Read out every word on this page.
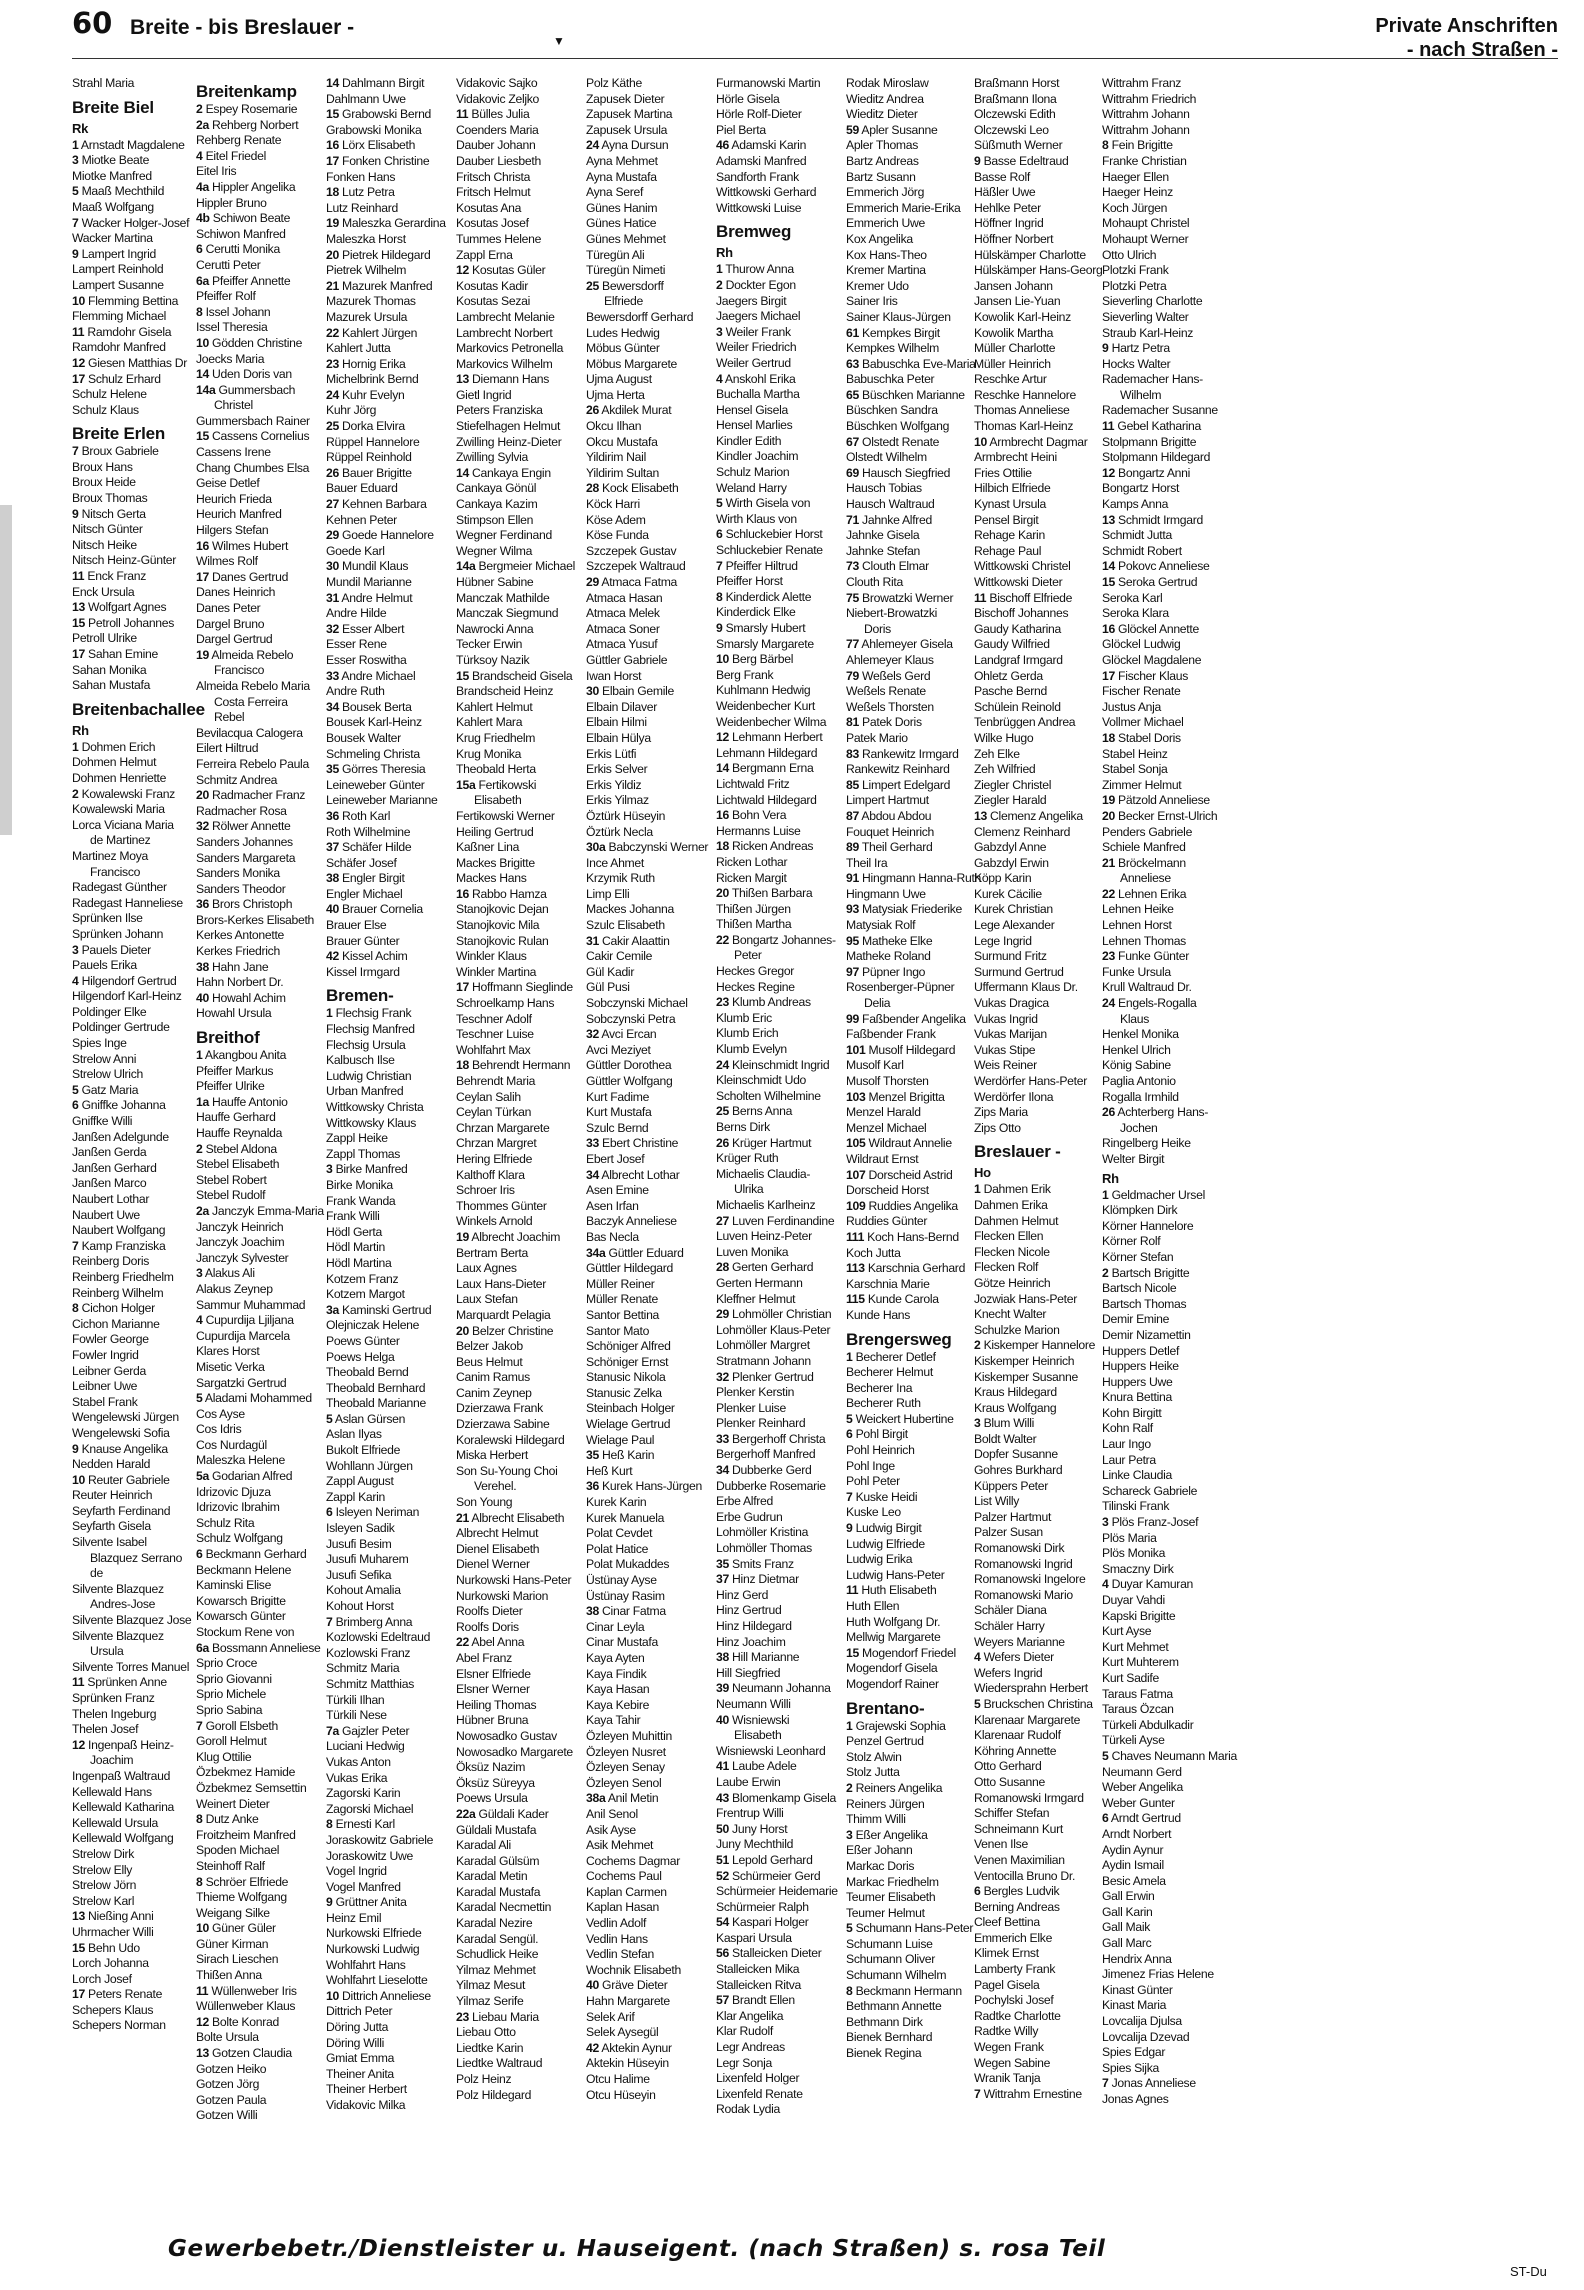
60 Breite - bis Breslauer -
▼
Private Anschriften
- nach Straßen -
Strahl Maria
Breite Biel
Rk
1 Arnstadt Magdalene
3 Miotke Beate
Miotke Manfred
5 Maaß Mechthild
Maaß Wolfgang
7 Wacker Holger-Josef
Wacker Martina
9 Lampert Ingrid
Lampert Reinhold
Lampert Susanne
10 Flemming Bettina
Flemming Michael
11 Ramdohr Gisela
Ramdohr Manfred
12 Giesen Matthias Dr
17 Schulz Erhard
Schulz Helene
Schulz Klaus
Breite Erlen
7 Broux Gabriele
Broux Hans
Broux Heide
Broux Thomas
9 Nitsch Gerta
Nitsch Günter
Nitsch Heike
Nitsch Heinz-Günter
11 Enck Franz
Enck Ursula
13 Wolfgart Agnes
15 Petroll Johannes
Petroll Ulrike
17 Sahan Emine
Sahan Monika
Sahan Mustafa
Breitenbachallee
Rh
1 Dohmen Erich
Dohmen Helmut
Dohmen Henriette
2 Kowalewski Franz
Kowalewski Maria
Lorca Viciana Maria
de Martinez
Martinez Moya
Francisco
Radegast Günther
Radegast Hanneliese
Sprünken Ilse
Sprünken Johann
3 Pauels Dieter
Pauels Erika
4 Hilgendorf Gertrud
Hilgendorf Karl-Heinz
Poldinger Elke
Poldinger Gertrude
Spies Inge
Strelow Anni
Strelow Ulrich
5 Gatz Maria
6 Gniffke Johanna
Gniffke Willi
Janßen Adelgunde
Janßen Gerda
Janßen Gerhard
Janßen Marco
Naubert Lothar
Naubert Uwe
Naubert Wolfgang
7 Kamp Franziska
Reinberg Doris
Reinberg Friedhelm
Reinberg Wilhelm
8 Cichon Holger
Cichon Marianne
Fowler George
Fowler Ingrid
Leibner Gerda
Leibner Uwe
Stabel Frank
Wengelewski Jürgen
Wengelewski Sofia
9 Knause Angelika
Nedden Harald
10 Reuter Gabriele
Reuter Heinrich
Seyfarth Ferdinand
Seyfarth Gisela
Silvente Isabel
Blazquez Serrano
de
Silvente Blazquez
Andres-Jose
Silvente Blazquez Jose
Silvente Blazquez
Ursula
Silvente Torres Manuel
11 Sprünken Anne
Sprünken Franz
Thelen Ingeburg
Thelen Josef
12 Ingenpaß Heinz-
Joachim
Ingenpaß Waltraud
Kellewald Hans
Kellewald Katharina
Kellewald Ursula
Kellewald Wolfgang
Strelow Dirk
Strelow Elly
Strelow Jörn
Strelow Karl
13 Nießing Anni
Uhrmacher Willi
15 Behn Udo
Lorch Johanna
Lorch Josef
17 Peters Renate
Schepers Klaus
Schepers Norman
Breitenkamp
2 Espey Rosemarie
2a Rehberg Norbert
Rehberg Renate
4 Eitel Friedel
Eitel Iris
4a Hippler Angelika
Hippler Bruno
4b Schiwon Beate
Schiwon Manfred
6 Cerutti Monika
Cerutti Peter
6a Pfeiffer Annette
Pfeiffer Rolf
8 Issel Johann
Issel Theresia
10 Gödden Christine
Joecks Maria
14 Uden Doris van
14a Gummersbach
Christel
Gummersbach Rainer
15 Cassens Cornelius
Cassens Irene
Chang Chumbes Elsa
Geise Detlef
Heurich Frieda
Heurich Manfred
Hilgers Stefan
16 Wilmes Hubert
Wilmes Rolf
17 Danes Gertrud
Danes Heinrich
Danes Peter
Dargel Bruno
Dargel Gertrud
19 Almeida Rebelo
Francisco
Almeida Rebelo Maria
Costa Ferreira
Rebel
Bevilacqua Calogera
Eilert Hiltrud
Ferreira Rebelo Paula
Schmitz Andrea
20 Radmacher Franz
Radmacher Rosa
32 Rölwer Annette
Sanders Johannes
Sanders Margareta
Sanders Monika
Sanders Theodor
36 Brors Christoph
Brors-Kerkes Elisabeth
Kerkes Antonette
Kerkes Friedrich
38 Hahn Jane
Hahn Norbert Dr.
40 Howahl Achim
Howahl Ursula
Breithof
1 Akangbou Anita
Pfeiffer Markus
Pfeiffer Ulrike
1a Hauffe Antonio
Hauffe Gerhard
Hauffe Reynalda
2 Stebel Aldona
Stebel Elisabeth
Stebel Robert
Stebel Rudolf
2a Janczyk Emma-Maria
Janczyk Heinrich
Janczyk Joachim
Janczyk Sylvester
3 Alakus Ali
Alakus Zeynep
Sammur Muhammad
4 Cupurdija Ljiljana
Cupurdija Marcela
Klares Horst
Misetic Verka
Sargatzki Gertrud
5 Aladami Mohammed
Cos Ayse
Cos Idris
Cos Nurdagül
Maleszka Helene
5a Godarian Alfred
Idrizovic Djuza
Idrizovic Ibrahim
Schulz Rita
Schulz Wolfgang
6 Beckmann Gerhard
Beckmann Helene
Kaminski Elise
Kowarsch Brigitte
Kowarsch Günter
Stockum Rene von
6a Bossmann Anneliese
Sprio Croce
Sprio Giovanni
Sprio Michele
Sprio Sabina
7 Goroll Elsbeth
Goroll Helmut
Klug Ottilie
Özbekmez Hamide
Özbekmez Semsettin
Weinert Dieter
8 Dutz Anke
Froitzheim Manfred
Spoden Michael
Steinhoff Ralf
8 Schröer Elfriede
Thieme Wolfgang
Weigang Silke
10 Güner Güler
Güner Kirman
Sirach Lieschen
Thißen Anna
11 Wüllenweber Iris
Wüllenweber Klaus
12 Bolte Konrad
Bolte Ursula
13 Gotzen Claudia
Gotzen Heiko
Gotzen Jörg
Gotzen Paula
Gotzen Willi
14 Dahlmann Birgit
Dahlmann Uwe
15 Grabowski Bernd
Grabowski Monika
16 Lörx Elisabeth
17 Fonken Christine
Fonken Hans
18 Lutz Petra
Lutz Reinhard
19 Maleszka Gerardina
Maleszka Horst
20 Pietrek Hildegard
Pietrek Wilhelm
21 Mazurek Manfred
Mazurek Thomas
Mazurek Ursula
22 Kahlert Jürgen
Kahlert Jutta
23 Hornig Erika
Michelbrink Bernd
24 Kuhr Evelyn
Kuhr Jörg
25 Dorka Elvira
Rüppel Hannelore
Rüppel Reinhold
26 Bauer Brigitte
Bauer Eduard
27 Kehnen Barbara
Kehnen Peter
29 Goede Hannelore
Goede Karl
30 Mundil Klaus
Mundil Marianne
31 Andre Helmut
Andre Hilde
32 Esser Albert
Esser Rene
Esser Roswitha
33 Andre Michael
Andre Ruth
34 Bousek Berta
Bousek Karl-Heinz
Bousek Walter
Schmeling Christa
35 Görres Theresia
Leineweber Günter
Leineweber Marianne
36 Roth Karl
Roth Wilhelmine
37 Schäfer Hilde
Schäfer Josef
38 Engler Birgit
Engler Michael
40 Brauer Cornelia
Brauer Else
Brauer Günter
42 Kissel Achim
Kissel Irmgard
Bremen-
1 Flechsig Frank
Flechsig Manfred
Flechsig Ursula
Kalbusch Ilse
Ludwig Christian
Urban Manfred
Wittkowsky Christa
Wittkowsky Klaus
Zappl Heike
Zappl Thomas
3 Birke Manfred
Birke Monika
Frank Wanda
Frank Willi
Hödl Gerta
Hödl Martin
Hödl Martina
Kotzem Franz
Kotzem Margot
3a Kaminski Gertrud
Olejniczak Helene
Poews Günter
Poews Helga
Theobald Bernd
Theobald Bernhard
Theobald Marianne
5 Aslan Gürsen
Aslan Ilyas
Bukolt Elfriede
Wohllann Jürgen
Zappl August
Zappl Karin
6 Isleyen Neriman
Isleyen Sadik
Jusufi Besim
Jusufi Muharem
Jusufi Sefika
Kohout Amalia
Kohout Horst
7 Brimberg Anna
Kozlowski Edeltraud
Kozlowski Franz
Schmitz Maria
Schmitz Matthias
Türkili Ilhan
Türkili Nese
7a Gajzler Peter
Luciani Hedwig
Vukas Anton
Vukas Erika
Zagorski Karin
Zagorski Michael
8 Ernesti Karl
Joraskowitz Gabriele
Joraskowitz Uwe
Vogel Ingrid
Vogel Manfred
9 Grüttner Anita
Heinz Emil
Nurkowski Elfriede
Nurkowski Ludwig
Wohlfahrt Hans
Wohlfahrt Lieselotte
10 Dittrich Anneliese
Dittrich Peter
Döring Jutta
Döring Willi
Gmiat Emma
Theiner Anita
Theiner Herbert
Vidakovic Milka
Vidakovic Sajko
Vidakovic Zeljko
11 Bülles Julia
Coenders Maria
Dauber Johann
Dauber Liesbeth
Fritsch Christa
Fritsch Helmut
Kosutas Ana
Kosutas Josef
Tummes Helene
Zappl Erna
12 Kosutas Güler
Kosutas Kadir
Kosutas Sezai
Lambrecht Melanie
Lambrecht Norbert
Markovics Petronella
Markovics Wilhelm
13 Diemann Hans
Gietl Ingrid
Peters Franziska
Stiefelhagen Helmut
Zwilling Heinz-Dieter
Zwilling Sylvia
14 Cankaya Engin
Cankaya Gönül
Cankaya Kazim
Stimpson Ellen
Wegner Ferdinand
Wegner Wilma
14a Bergmeier Michael
Hübner Sabine
Manczak Mathilde
Manczak Siegmund
Nawrocki Anna
Tecker Erwin
Türksoy Nazik
15 Brandscheid Gisela
Brandscheid Heinz
Kahlert Helmut
Kahlert Mara
Krug Friedhelm
Krug Monika
Theobald Herta
15a Fertikowski
Elisabeth
Fertikowski Werner
Heiling Gertrud
Kaßner Lina
Mackes Brigitte
Mackes Hans
16 Rabbo Hamza
Stanojkovic Dejan
Stanojkovic Mila
Stanojkovic Rulan
Winkler Klaus
Winkler Martina
17 Hoffmann Sieglinde
Schroelkamp Hans
Teschner Adolf
Teschner Luise
Wohlfahrt Max
18 Behrendt Hermann
Behrendt Maria
Ceylan Salih
Ceylan Türkan
Chrzan Margarete
Chrzan Margret
Hering Elfriede
Kalthoff Klara
Schroer Iris
Thommes Günter
Winkels Arnold
19 Albrecht Joachim
Bertram Berta
Laux Agnes
Laux Hans-Dieter
Laux Stefan
Marquardt Pelagia
20 Belzer Christine
Belzer Jakob
Beus Helmut
Canim Ramus
Canim Zeynep
Dzierzawa Frank
Dzierzawa Sabine
Koralewski Hildegard
Miska Herbert
Son Su-Young Choi
Verehel.
Son Young
21 Albrecht Elisabeth
Albrecht Helmut
Dienel Elisabeth
Dienel Werner
Nurkowski Hans-Peter
Nurkowski Marion
Roolfs Dieter
Roolfs Doris
22 Abel Anna
Abel Franz
Elsner Elfriede
Elsner Werner
Heiling Thomas
Hübner Bruna
Nowosadko Gustav
Nowosadko Margarete
Öksüz Nazim
Öksüz Süreyya
Poews Ursula
22a Güldali Kader
Güldali Mustafa
Karadal Ali
Karadal Gülsüm
Karadal Metin
Karadal Mustafa
Karadal Necmettin
Karadal Nezire
Karadal Sengül.
Schudlick Heike
Yilmaz Mehmet
Yilmaz Mesut
Yilmaz Serife
23 Liebau Maria
Liebau Otto
Liedtke Karin
Liedtke Waltraud
Polz Heinz
Polz Hildegard
Polz Käthe
Zapusek Dieter
Zapusek Martina
Zapusek Ursula
24 Ayna Dursun
Ayna Mehmet
Ayna Mustafa
Ayna Seref
Günes Hanim
Günes Hatice
Günes Mehmet
Türegün Ali
Türegün Nimeti
25 Bewersdorff
Elfriede
Bewersdorff Gerhard
Ludes Hedwig
Möbus Günter
Möbus Margarete
Ujma August
Ujma Herta
26 Akdilek Murat
Okcu Ilhan
Okcu Mustafa
Yildirim Nail
Yildirim Sultan
28 Kock Elisabeth
Köck Harri
Köse Adem
Köse Funda
Szczepek Gustav
Szczepek Waltraud
29 Atmaca Fatma
Atmaca Hasan
Atmaca Melek
Atmaca Soner
Atmaca Yusuf
Güttler Gabriele
Iwan Horst
30 Elbain Gemile
Elbain Dilaver
Elbain Hilmi
Elbain Hülya
Erkis Lütfi
Erkis Selver
Erkis Yildiz
Erkis Yilmaz
Öztürk Hüseyin
Öztürk Necla
30a Babczynski Werner
Ince Ahmet
Krzymik Ruth
Limp Elli
Mackes Johanna
Szulc Elisabeth
31 Cakir Alaattin
Cakir Cemile
Gül Kadir
Gül Pusi
Sobczynski Michael
Sobczynski Petra
32 Avci Ercan
Avci Meziyet
Güttler Dorothea
Güttler Wolfgang
Kurt Fadime
Kurt Mustafa
Szulc Bernd
33 Ebert Christine
Ebert Josef
34 Albrecht Lothar
Asen Emine
Asen Irfan
Baczyk Anneliese
Bas Necla
34a Güttler Eduard
Güttler Hildegard
Müller Reiner
Müller Renate
Santor Bettina
Santor Mato
Schöniger Alfred
Schöniger Ernst
Stanusic Nikola
Stanusic Zelka
Steinbach Holger
Wielage Gertrud
Wielage Paul
35 Heß Karin
Heß Kurt
36 Kurek Hans-Jürgen
Kurek Karin
Kurek Manuela
Polat Cevdet
Polat Hatice
Polat Mukaddes
Üstünay Ayse
Üstünay Rasim
38 Cinar Fatma
Cinar Leyla
Cinar Mustafa
Kaya Ayten
Kaya Findik
Kaya Hasan
Kaya Kebire
Kaya Tahir
Özleyen Muhittin
Özleyen Nusret
Özleyen Senay
Özleyen Senol
38a Anil Metin
Anil Senol
Asik Ayse
Asik Mehmet
Cochems Dagmar
Cochems Paul
Kaplan Carmen
Kaplan Hasan
Vedlin Adolf
Vedlin Hans
Vedlin Stefan
Wochnik Elisabeth
40 Gräve Dieter
Hahn Margarete
Selek Arif
Selek Aysegül
42 Aktekin Aynur
Aktekin Hüseyin
Otcu Halime
Otcu Hüseyin
Furmanowski Martin
Hörle Gisela
Hörle Rolf-Dieter
Piel Berta
46 Adamski Karin
Adamski Manfred
Sandforth Frank
Wittkowski Gerhard
Wittkowski Luise
Bremweg
Rh
1 Thurow Anna
2 Dockter Egon
Jaegers Birgit
Jaegers Michael
3 Weiler Frank
Weiler Friedrich
Weiler Gertrud
4 Anskohl Erika
Buchalla Martha
Hensel Gisela
Hensel Marlies
Kindler Edith
Kindler Joachim
Schulz Marion
Weland Harry
5 Wirth Gisela von
Wirth Klaus von
6 Schluckebier Horst
Schluckebier Renate
7 Pfeiffer Hiltrud
Pfeiffer Horst
8 Kinderdick Alette
Kinderdick Elke
9 Smarsly Hubert
Smarsly Margarete
10 Berg Bärbel
Berg Frank
Kuhlmann Hedwig
Weidenbecher Kurt
Weidenbecher Wilma
12 Lehmann Herbert
Lehmann Hildegard
14 Bergmann Erna
Lichtwald Fritz
Lichtwald Hildegard
16 Bohn Vera
Hermanns Luise
18 Ricken Andreas
Ricken Lothar
Ricken Margit
20 Thißen Barbara
Thißen Jürgen
Thißen Martha
22 Bongartz Johannes-
Peter
Heckes Gregor
Heckes Regine
23 Klumb Andreas
Klumb Eric
Klumb Erich
Klumb Evelyn
24 Kleinschmidt Ingrid
Kleinschmidt Udo
Scholten Wilhelmine
25 Berns Anna
Berns Dirk
26 Krüger Hartmut
Krüger Ruth
Michaelis Claudia-
Ulrika
Michaelis Karlheinz
27 Luven Ferdinandine
Luven Heinz-Peter
Luven Monika
28 Gerten Gerhard
Gerten Hermann
Kleffner Helmut
29 Lohmöller Christian
Lohmöller Klaus-Peter
Lohmöller Margret
Stratmann Johann
32 Plenker Gertrud
Plenker Kerstin
Plenker Luise
Plenker Reinhard
33 Bergerhoff Christa
Bergerhoff Manfred
34 Dubberke Gerd
Dubberke Rosemarie
Erbe Alfred
Erbe Gudrun
Lohmöller Kristina
Lohmöller Thomas
35 Smits Franz
37 Hinz Dietmar
Hinz Gerd
Hinz Gertrud
Hinz Hildegard
Hinz Joachim
38 Hill Marianne
Hill Siegfried
39 Neumann Johanna
Neumann Willi
40 Wisniewski
Elisabeth
Wisniewski Leonhard
41 Laube Adele
Laube Erwin
43 Blomenkamp Gisela
Frentrup Willi
50 Juny Horst
Juny Mechthild
51 Lepold Gerhard
52 Schürmeier Gerd
Schürmeier Heidemarie
Schürmeier Ralph
54 Kaspari Holger
Kaspari Ursula
56 Stalleicken Dieter
Stalleicken Mika
Stalleicken Ritva
57 Brandt Ellen
Klar Angelika
Klar Rudolf
Legr Andreas
Legr Sonja
Lixenfeld Holger
Lixenfeld Renate
Rodak Lydia
Rodak Miroslaw
Wieditz Andrea
Wieditz Dieter
59 Apler Susanne
Apler Thomas
Bartz Andreas
Bartz Susann
Emmerich Jörg
Emmerich Marie-Erika
Emmerich Uwe
Kox Angelika
Kox Hans-Theo
Kremer Martina
Kremer Udo
Sainer Iris
Sainer Klaus-Jürgen
61 Kempkes Birgit
Kempkes Wilhelm
63 Babuschka Eve-Maria
Babuschka Peter
65 Büschken Marianne
Büschken Sandra
Büschken Wolfgang
67 Olstedt Renate
Olstedt Wilhelm
69 Hausch Siegfried
Hausch Tobias
Hausch Waltraud
71 Jahnke Alfred
Jahnke Gisela
Jahnke Stefan
73 Clouth Elmar
Clouth Rita
75 Browatzki Werner
Niebert-Browatzki
Doris
77 Ahlemeyer Gisela
Ahlemeyer Klaus
79 Weßels Gerd
Weßels Renate
Weßels Thorsten
81 Patek Doris
Patek Mario
83 Rankewitz Irmgard
Rankewitz Reinhard
85 Limpert Edelgard
Limpert Hartmut
87 Abdou Abdou
Fouquet Heinrich
89 Theil Gerhard
Theil Ira
91 Hingmann Hanna-Ruth
Hingmann Uwe
93 Matysiak Friederike
Matysiak Rolf
95 Matheke Elke
Matheke Roland
97 Püpner Ingo
Rosenberger-Püpner
Delia
99 Faßbender Angelika
Faßbender Frank
101 Musolf Hildegard
Musolf Karl
Musolf Thorsten
103 Menzel Brigitta
Menzel Harald
Menzel Michael
105 Wildraut Annelie
Wildraut Ernst
107 Dorscheid Astrid
Dorscheid Horst
109 Ruddies Angelika
Ruddies Günter
111 Koch Hans-Bernd
Koch Jutta
113 Karschnia Gerhard
Karschnia Marie
115 Kunde Carola
Kunde Hans
Brengersweg
1 Becherer Detlef
Becherer Helmut
Becherer Ina
Becherer Ruth
5 Weickert Hubertine
6 Pohl Birgit
Pohl Heinrich
Pohl Inge
Pohl Peter
7 Kuske Heidi
Kuske Leo
9 Ludwig Birgit
Ludwig Elfriede
Ludwig Erika
Ludwig Hans-Peter
11 Huth Elisabeth
Huth Ellen
Huth Wolfgang Dr.
Mellwig Margarete
15 Mogendorf Friedel
Mogendorf Gisela
Mogendorf Rainer
Brentano-
1 Grajewski Sophia
Penzel Gertrud
Stolz Alwin
Stolz Jutta
2 Reiners Angelika
Reiners Jürgen
Thimm Willi
3 Eßer Angelika
Eßer Johann
Markac Doris
Markac Friedhelm
Teumer Elisabeth
Teumer Helmut
5 Schumann Hans-Peter
Schumann Luise
Schumann Oliver
Schumann Wilhelm
8 Beckmann Hermann
Bethmann Annette
Bethmann Dirk
Bienek Bernhard
Bienek Regina
Braßmann Horst
Braßmann Ilona
Olczewski Edith
Olczewski Leo
Süßmuth Werner
9 Basse Edeltraud
Basse Rolf
Häßler Uwe
Hehlke Peter
Höffner Ingrid
Höffner Norbert
Hülskämper Charlotte
Hülskämper Hans-Georg
Jansen Johann
Jansen Lie-Yuan
Kowolik Karl-Heinz
Kowolik Martha
Müller Charlotte
Müller Heinrich
Reschke Artur
Reschke Hannelore
Thomas Anneliese
Thomas Karl-Heinz
10 Armbrecht Dagmar
Armbrecht Heini
Fries Ottilie
Hilbich Elfriede
Kynast Ursula
Pensel Birgit
Rehage Karin
Rehage Paul
Wittkowski Christel
Wittkowski Dieter
11 Bischoff Elfriede
Bischoff Johannes
Gaudy Katharina
Gaudy Wilfried
Landgraf Irmgard
Ohletz Gerda
Pasche Bernd
Schülein Reinold
Tenbrüggen Andrea
Wilke Hugo
Zeh Elke
Zeh Wilfried
Ziegler Christel
Ziegler Harald
13 Clemenz Angelika
Clemenz Reinhard
Gabzdyl Anne
Gabzdyl Erwin
Köpp Karin
Kurek Cäcilie
Kurek Christian
Lege Alexander
Lege Ingrid
Surmund Fritz
Surmund Gertrud
Uffermann Klaus Dr.
Vukas Dragica
Vukas Ingrid
Vukas Marijan
Vukas Stipe
Weis Reiner
Werdörfer Hans-Peter
Werdörfer Ilona
Zips Maria
Zips Otto
Breslauer -
Ho
1 Dahmen Erik
Dahmen Erika
Dahmen Helmut
Flecken Ellen
Flecken Nicole
Flecken Rolf
Götze Heinrich
Jozwiak Hans-Peter
Knecht Walter
Schulzke Marion
2 Kiskemper Hannelore
Kiskemper Heinrich
Kiskemper Susanne
Kraus Hildegard
Kraus Wolfgang
3 Blum Willi
Boldt Walter
Dopfer Susanne
Gohres Burkhard
Küppers Peter
List Willy
Palzer Hartmut
Palzer Susan
Romanowski Dirk
Romanowski Ingrid
Romanowski Ingelore
Romanowski Mario
Schäler Diana
Schäler Harry
Weyers Marianne
4 Wefers Dieter
Wefers Ingrid
Wiedersprahn Herbert
5 Bruckschen Christina
Klarenaar Margarete
Klarenaar Rudolf
Köhring Annette
Otto Gerhard
Otto Susanne
Romanowski Irmgard
Schiffer Stefan
Schneimann Kurt
Venen Ilse
Venen Maximilian
Ventocilla Bruno Dr.
6 Bergles Ludvik
Berning Andreas
Cleef Bettina
Emmerich Elke
Klimek Ernst
Lamberty Frank
Pagel Gisela
Pochylski Josef
Radtke Charlotte
Radtke Willy
Wegen Frank
Wegen Sabine
Wranik Tanja
7 Wittrahm Ernestine
Wittrahm Franz
Wittrahm Friedrich
Wittrahm Johann
Wittrahm Johann
8 Fein Brigitte
Franke Christian
Haeger Ellen
Haeger Heinz
Koch Jürgen
Mohaupt Christel
Mohaupt Werner
Otto Ulrich
Plotzki Frank
Plotzki Petra
Sieverling Charlotte
Sieverling Walter
Straub Karl-Heinz
9 Hartz Petra
Hocks Walter
Rademacher Hans-
Wilhelm
Rademacher Susanne
11 Gebel Katharina
Stolpmann Brigitte
Stolpmann Hildegard
12 Bongartz Anni
Bongartz Horst
Kamps Anna
13 Schmidt Irmgard
Schmidt Jutta
Schmidt Robert
14 Pokovc Anneliese
15 Seroka Gertrud
Seroka Karl
Seroka Klara
16 Glöckel Annette
Glöckel Ludwig
Glöckel Magdalene
17 Fischer Klaus
Fischer Renate
Justus Anja
Vollmer Michael
18 Stabel Doris
Stabel Heinz
Stabel Sonja
Zimmer Helmut
19 Pätzold Anneliese
20 Becker Ernst-Ulrich
Penders Gabriele
Schiele Manfred
21 Bröckelmann
Anneliese
22 Lehnen Erika
Lehnen Heike
Lehnen Horst
Lehnen Thomas
23 Funke Günter
Funke Ursula
Krull Waltraud Dr.
24 Engels-Rogalla
Klaus
Henkel Monika
Henkel Ulrich
König Sabine
Paglia Antonio
Rogalla Irmhild
26 Achterberg Hans-
Jochen
Ringelberg Heike
Welter Birgit
Rh
1 Geldmacher Ursel
Klömpken Dirk
Körner Hannelore
Körner Rolf
Körner Stefan
2 Bartsch Brigitte
Bartsch Nicole
Bartsch Thomas
Demir Emine
Demir Nizamettin
Huppers Detlef
Huppers Heike
Huppers Uwe
Knura Bettina
Kohn Birgitt
Kohn Ralf
Laur Ingo
Laur Petra
Linke Claudia
Schareck Gabriele
Tilinski Frank
3 Plös Franz-Josef
Plös Maria
Plös Monika
Smaczny Dirk
4 Duyar Kamuran
Duyar Vahdi
Kapski Brigitte
Kurt Ayse
Kurt Mehmet
Kurt Muhterem
Kurt Sadife
Taraus Fatma
Taraus Özcan
Türkeli Abdulkadir
Türkeli Ayse
5 Chaves Neumann Maria
Neumann Gerd
Weber Angelika
Weber Gunter
6 Arndt Gertrud
Arndt Norbert
Aydin Aynur
Aydin Ismail
Besic Amela
Gall Erwin
Gall Karin
Gall Maik
Gall Marc
Hendrix Anna
Jimenez Frias Helene
Kinast Günter
Kinast Maria
Lovcalija Djulsa
Lovcalija Dzevad
Spies Edgar
Spies Sijka
7 Jonas Anneliese
Jonas Agnes
Gewerbebetr./Dienstleister u. Hauseigent. (nach Straßen) s. rosa Teil
ST-Du
